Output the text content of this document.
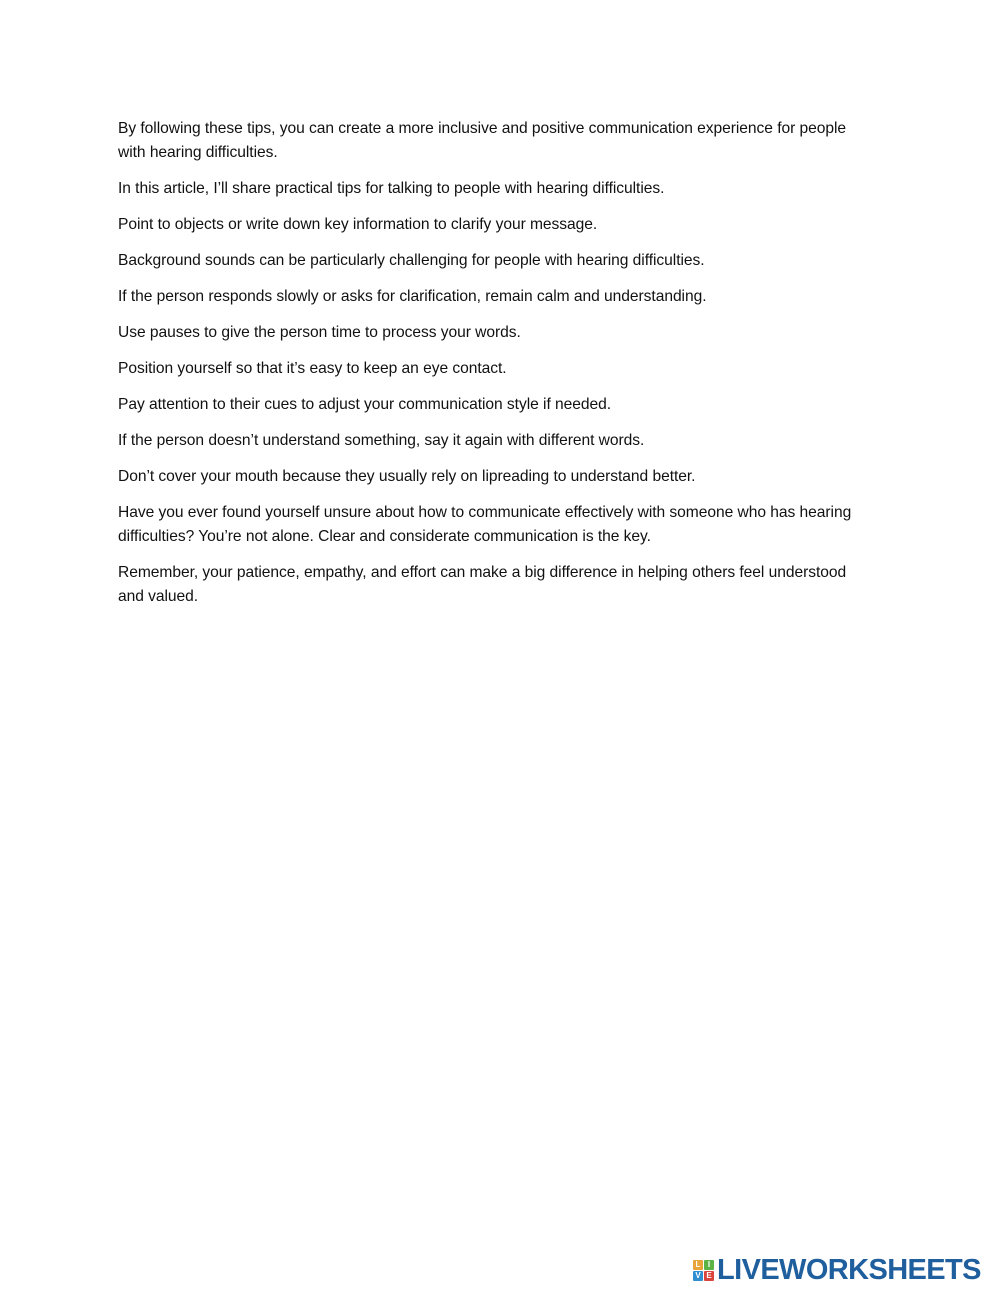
By following these tips, you can create a more inclusive and positive communication experience for people with hearing difficulties.

In this article, I’ll share practical tips for talking to people with hearing difficulties.

Point to objects or write down key information to clarify your message.

Background sounds can be particularly challenging for people with hearing difficulties.

If the person responds slowly or asks for clarification, remain calm and understanding.

Use pauses to give the person time to process your words.

Position yourself so that it’s easy to keep an eye contact.

Pay attention to their cues to adjust your communication style if needed.

If the person doesn’t understand something, say it again with different words.

Don’t cover your mouth because they usually rely on lipreading to understand better.

Have you ever found yourself unsure about how to communicate effectively with someone who has hearing difficulties? You’re not alone. Clear and considerate communication is the key.

Remember, your patience, empathy, and effort can make a big difference in helping others feel understood and valued.

L I
V E LIVEWORKSHEETS
